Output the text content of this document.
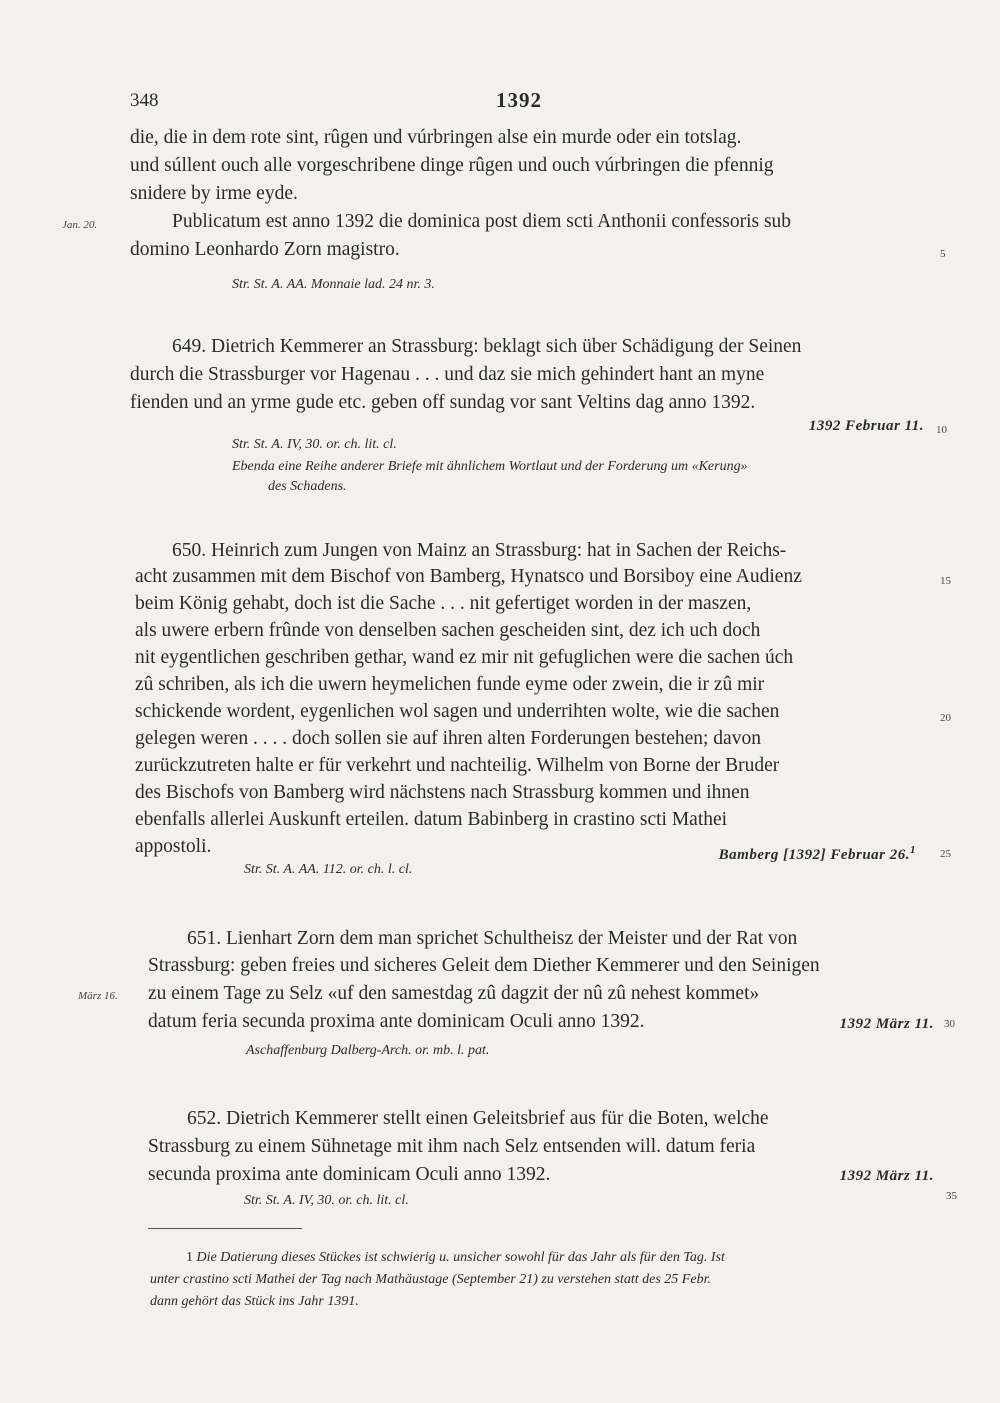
348	1392
die, die in dem rote sint, rûgen und vúrbringen alse ein murde oder ein totslag.
und súllent ouch alle vorgeschribene dinge rûgen und ouch vúrbringen die pfennig
snidere by irme eyde.
Jan. 20.	Publicatum est anno 1392 die dominica post diem scti Anthonii confessoris sub
domino Leonhardo Zorn magistro.	5
Str. St. A. AA. Monnaie lad. 24 nr. 3.
649. Dietrich Kemmerer an Strassburg: beklagt sich über Schädigung der Seinen
durch die Strassburger vor Hagenau . . . und daz sie mich gehindert hant an myne
fienden und an yrme gude etc. geben off sundag vor sant Veltins dag anno 1392.
1392 Februar 11. 10
Str. St. A. IV, 30. or. ch. lit. cl.
Ebenda eine Reihe anderer Briefe mit ähnlichem Wortlaut und der Forderung um «Kerung»
des Schadens.
650. Heinrich zum Jungen von Mainz an Strassburg: hat in Sachen der Reichs-
acht zusammen mit dem Bischof von Bamberg, Hynatsco und Borsiboy eine Audienz	15
beim König gehabt, doch ist die Sache . . . nit gefertiget worden in der maszen,
als uwere erbern frûnde von denselben sachen gescheiden sint, dez ich uch doch
nit eygentlichen geschriben gethar, wand ez mir nit gefuglichen were die sachen úch
zû schriben, als ich die uwern heymelichen funde eyme oder zwein, die ir zû mir
schickende wordent, eygenlichen wol sagen und underrihten wolte, wie die sachen	20
gelegen weren . . . . doch sollen sie auf ihren alten Forderungen bestehen; davon
zurückzutreten halte er für verkehrt und nachteilig. Wilhelm von Borne der Bruder
des Bischofs von Bamberg wird nächstens nach Strassburg kommen und ihnen
ebenfalls allerlei Auskunft erteilen. datum Babinberg in crastino scti Mathei
appostoli.	Bamberg [1392] Februar 26.$^1$ 25
Str. St. A. AA. 112. or. ch. l. cl.
651. Lienhart Zorn dem man sprichet Schultheisz der Meister und der Rat von
Strassburg: geben freies und sicheres Geleit dem Diether Kemmerer und den Seinigen
März 16. zu einem Tage zu Selz «uf den samestdag zû dagzit der nû zû nehest kommet»
datum feria secunda proxima ante dominicam Oculi anno 1392.	1392 März 11. 30
Aschaffenburg Dalberg-Arch. or. mb. l. pat.
652. Dietrich Kemmerer stellt einen Geleitsbrief aus für die Boten, welche
Strassburg zu einem Sühnetage mit ihm nach Selz entsenden will. datum feria
secunda proxima ante dominicam Oculi anno 1392.	1392 März 11.
35
Str. St. A. IV, 30. or. ch. lit. cl.
1 Die Datierung dieses Stückes ist schwierig u. unsicher sowohl für das Jahr als für den Tag. Ist
unter crastino scti Mathei der Tag nach Mathäustage (September 21) zu verstehen statt des 25 Febr.
dann gehört das Stück ins Jahr 1391.
